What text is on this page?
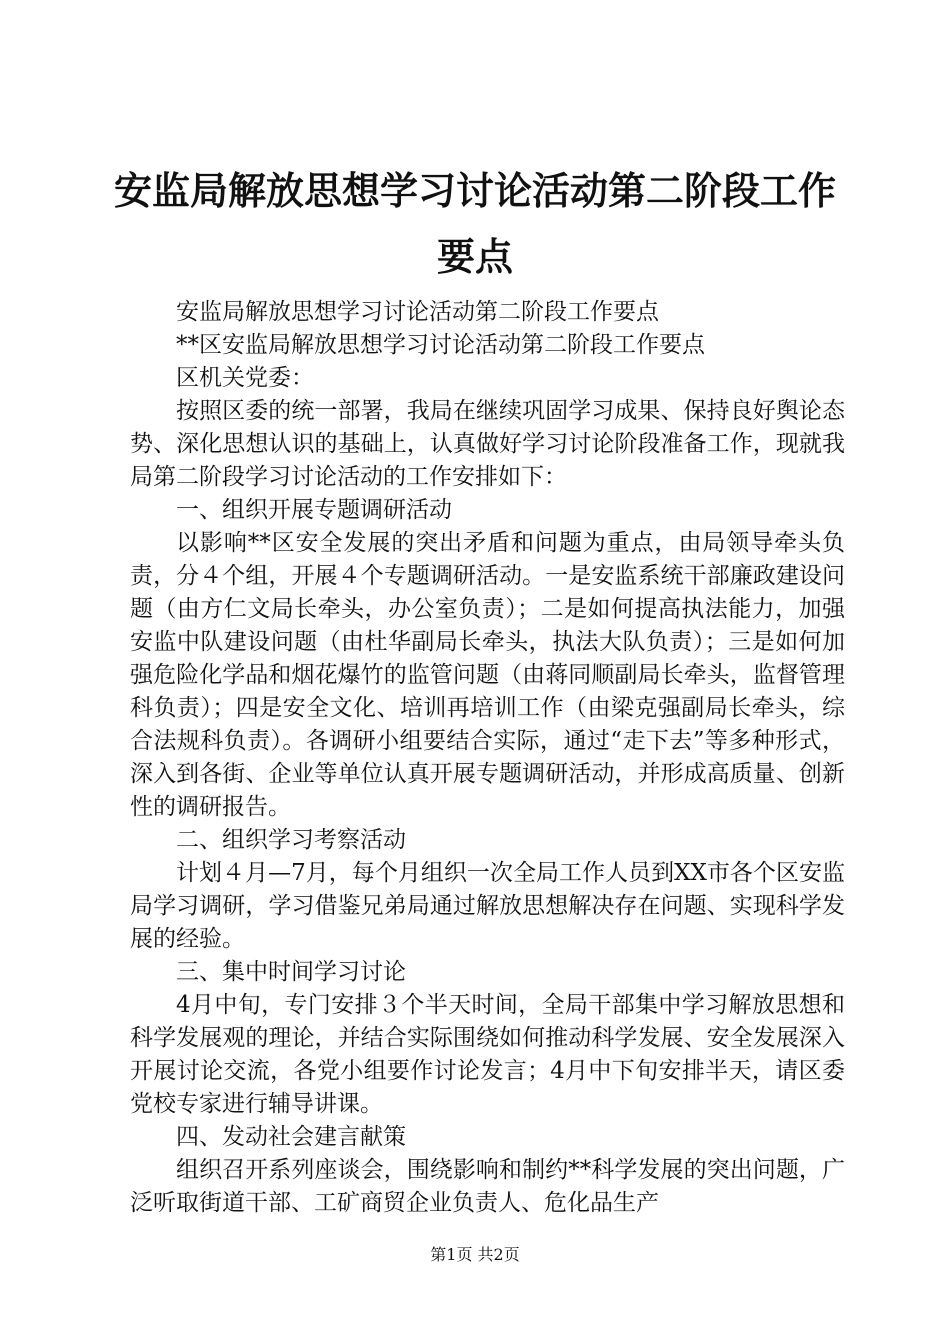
安监局解放思想学习讨论活动第二阶段工作要点

安监局解放思想学习讨论活动第二阶段工作要点

**区安监局解放思想学习讨论活动第二阶段工作要点

区机关党委：

按照区委的统一部署，我局在继续巩固学习成果、保持良好舆论态势、深化思想认识的基础上，认真做好学习讨论阶段准备工作，现就我局第二阶段学习讨论活动的工作安排如下：

一、组织开展专题调研活动

以影响**区安全发展的突出矛盾和问题为重点，由局领导牵头负责，分４个组，开展４个专题调研活动。一是安监系统干部廉政建设问题（由方仁文局长牵头，办公室负责）；二是如何提高执法能力，加强安监中队建设问题（由杜华副局长牵头，执法大队负责）；三是如何加强危险化学品和烟花爆竹的监管问题（由蒋同顺副局长牵头，监督管理科负责）；四是安全文化、培训再培训工作（由梁克强副局长牵头，综合法规科负责）。各调研小组要结合实际，通过“走下去”等多种形式，深入到各街、企业等单位认真开展专题调研活动，并形成高质量、创新性的调研报告。

二、组织学习考察活动

计划４月—7月，每个月组织一次全局工作人员到XX市各个区安监局学习调研，学习借鉴兄弟局通过解放思想解决存在问题、实现科学发展的经验。

三、集中时间学习讨论

4月中旬，专门安排３个半天时间，全局干部集中学习解放思想和科学发展观的理论，并结合实际围绕如何推动科学发展、安全发展深入开展讨论交流，各党小组要作讨论发言；4月中下旬安排半天，请区委党校专家进行辅导讲课。

四、发动社会建言献策

组织召开系列座谈会，围绕影响和制约**科学发展的突出问题，广泛听取街道干部、工矿商贸企业负责人、危化品生产

第1页 共2页
